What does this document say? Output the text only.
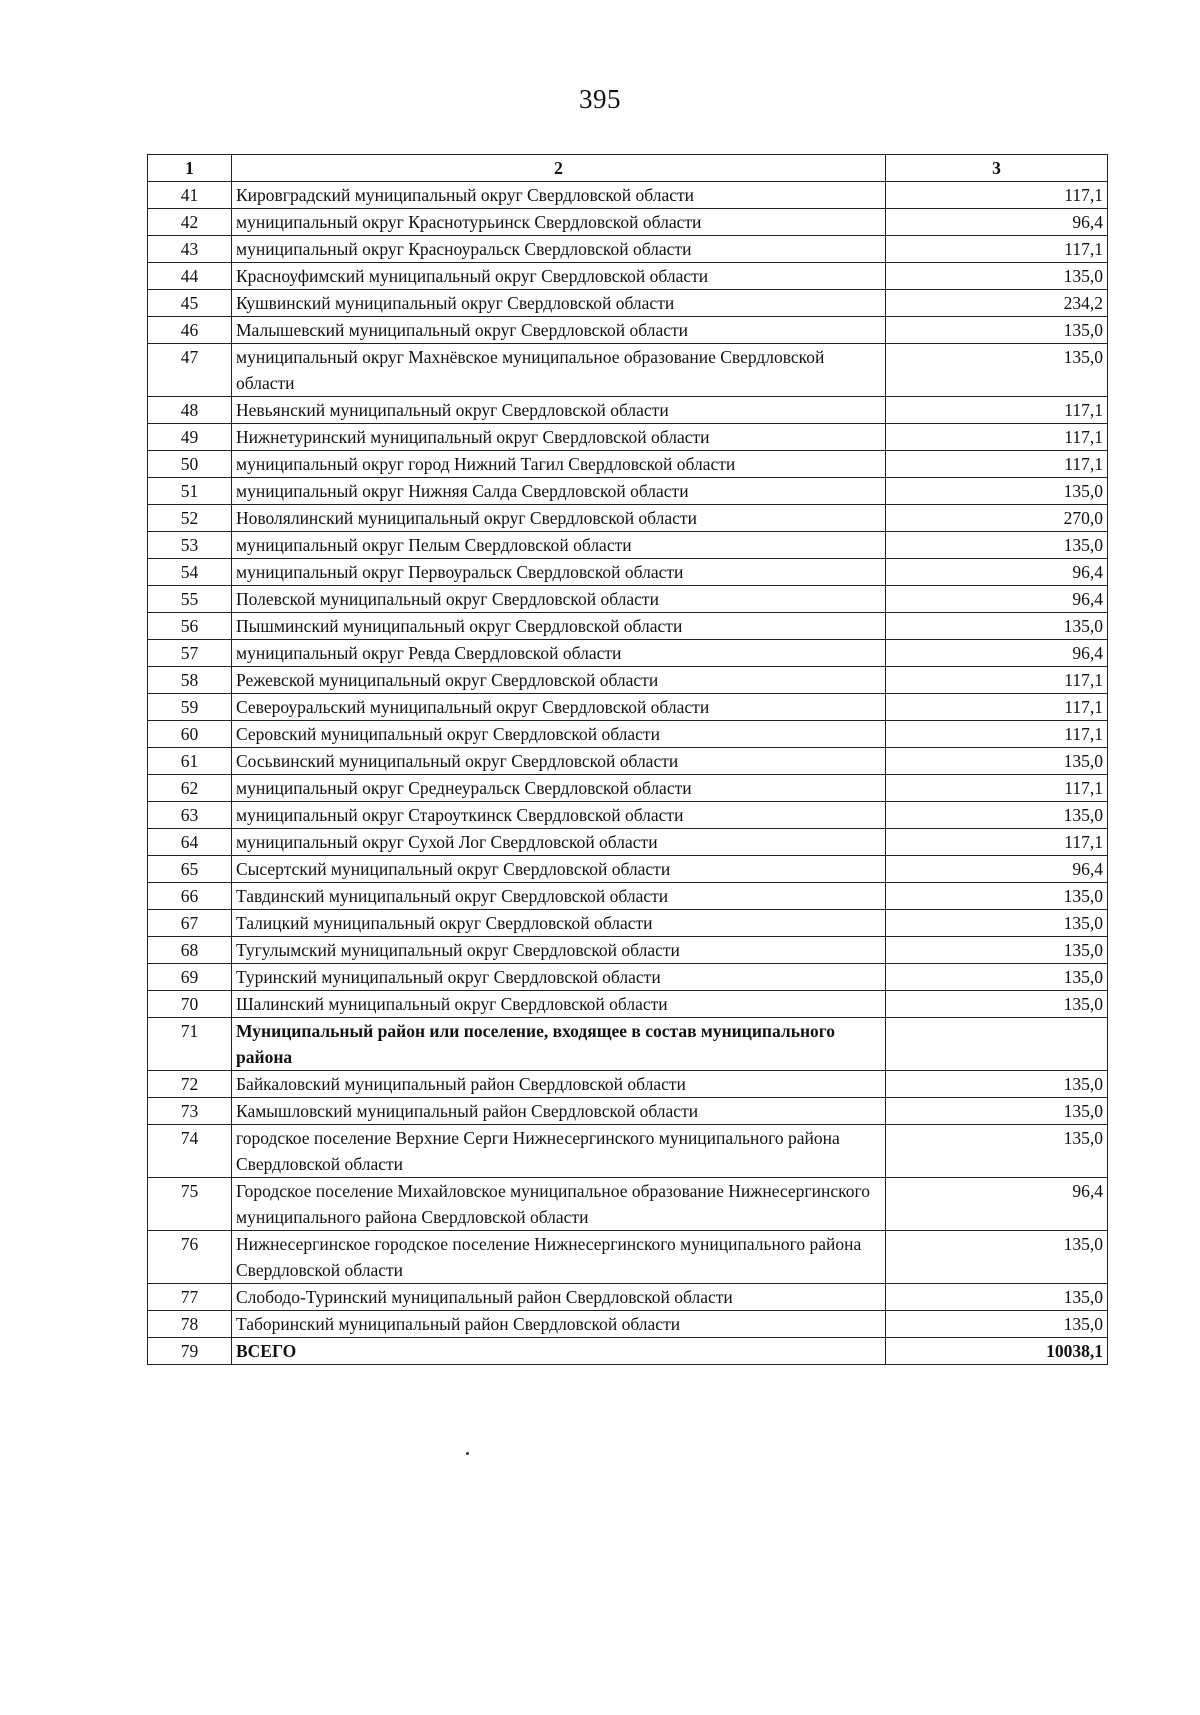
395
1	2	3
41	Кировградский муниципальный округ Свердловской области	117,1
42	муниципальный округ Краснотурьинск Свердловской области	96,4
43	муниципальный округ Красноуральск Свердловской области	117,1
44	Красноуфимский муниципальный округ Свердловской области	135,0
45	Кушвинский муниципальный округ Свердловской области	234,2
46	Малышевский муниципальный округ Свердловской области	135,0
47	муниципальный округ Махнёвское муниципальное образование Свердловской области	135,0
48	Невьянский муниципальный округ Свердловской области	117,1
49	Нижнетуринский муниципальный округ Свердловской области	117,1
50	муниципальный округ город Нижний Тагил Свердловской области	117,1
51	муниципальный округ Нижняя Салда Свердловской области	135,0
52	Новолялинский муниципальный округ Свердловской области	270,0
53	муниципальный округ Пелым Свердловской области	135,0
54	муниципальный округ Первоуральск Свердловской области	96,4
55	Полевской муниципальный округ Свердловской области	96,4
56	Пышминский муниципальный округ Свердловской области	135,0
57	муниципальный округ Ревда Свердловской области	96,4
58	Режевской муниципальный округ Свердловской области	117,1
59	Североуральский муниципальный округ Свердловской области	117,1
60	Серовский муниципальный округ Свердловской области	117,1
61	Сосьвинский муниципальный округ Свердловской области	135,0
62	муниципальный округ Среднеуральск Свердловской области	117,1
63	муниципальный округ Староуткинск Свердловской области	135,0
64	муниципальный округ Сухой Лог Свердловской области	117,1
65	Сысертский муниципальный округ Свердловской области	96,4
66	Тавдинский муниципальный округ Свердловской области	135,0
67	Талицкий муниципальный округ Свердловской области	135,0
68	Тугулымский муниципальный округ Свердловской области	135,0
69	Туринский муниципальный округ Свердловской области	135,0
70	Шалинский муниципальный округ Свердловской области	135,0
71	Муниципальный район или поселение, входящее в состав муниципального района	
72	Байкаловский муниципальный район Свердловской области	135,0
73	Камышловский муниципальный район Свердловской области	135,0
74	городское поселение Верхние Серги Нижнесергинского муниципального района Свердловской области	135,0
75	Городское поселение Михайловское муниципальное образование Нижнесергинского муниципального района Свердловской области	96,4
76	Нижнесергинское городское поселение Нижнесергинского муниципального района Свердловской области	135,0
77	Слободо-Туринский муниципальный район Свердловской области	135,0
78	Таборинский муниципальный район Свердловской области	135,0
79	ВСЕГО	10038,1
